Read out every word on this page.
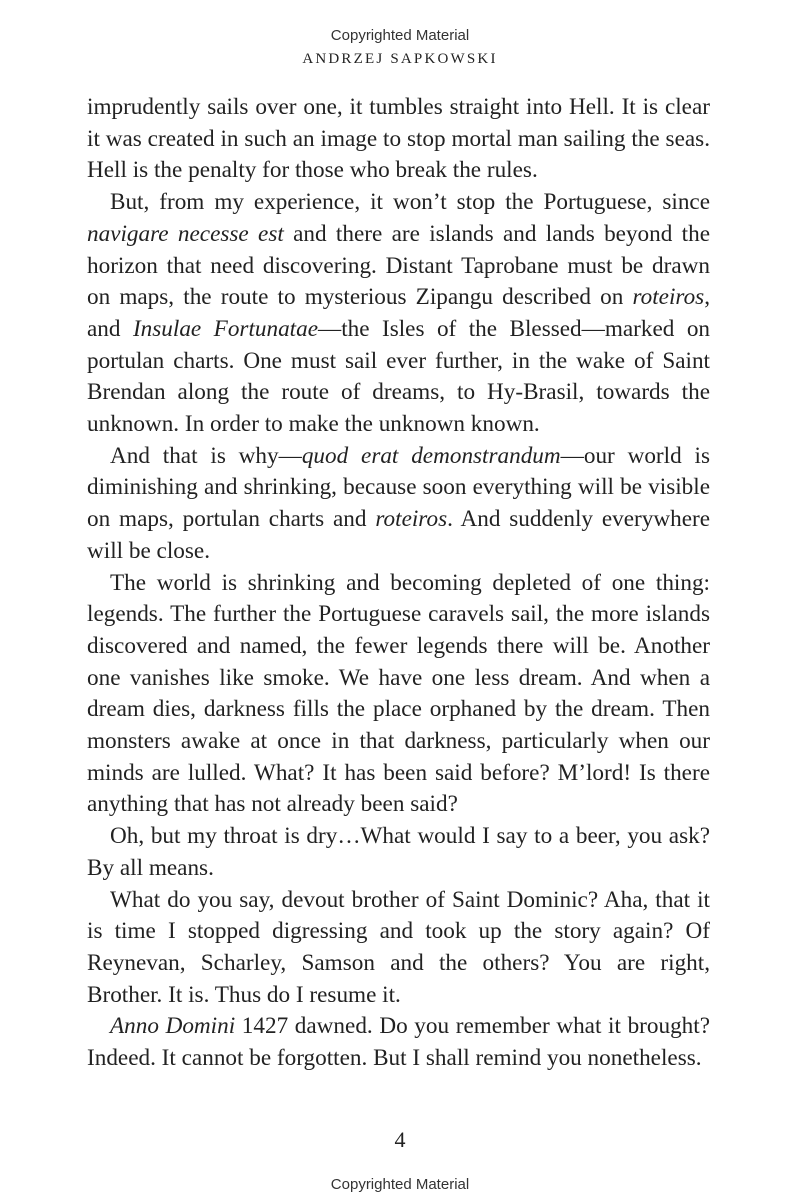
Copyrighted Material
ANDRZEJ SAPKOWSKI

imprudently sails over one, it tumbles straight into Hell. It is clear it was created in such an image to stop mortal man sailing the seas. Hell is the penalty for those who break the rules.

But, from my experience, it won’t stop the Portuguese, since navigare necesse est and there are islands and lands beyond the horizon that need discovering. Distant Taprobane must be drawn on maps, the route to mysterious Zipangu described on roteiros, and Insulae Fortunatae—the Isles of the Blessed—marked on portulan charts. One must sail ever further, in the wake of Saint Brendan along the route of dreams, to Hy-Brasil, towards the unknown. In order to make the unknown known.

And that is why—quod erat demonstrandum—our world is diminishing and shrinking, because soon everything will be visible on maps, portulan charts and roteiros. And suddenly everywhere will be close.

The world is shrinking and becoming depleted of one thing: legends. The further the Portuguese caravels sail, the more islands discovered and named, the fewer legends there will be. Another one vanishes like smoke. We have one less dream. And when a dream dies, darkness fills the place orphaned by the dream. Then monsters awake at once in that darkness, particularly when our minds are lulled. What? It has been said before? M’lord! Is there anything that has not already been said?

Oh, but my throat is dry…What would I say to a beer, you ask? By all means.

What do you say, devout brother of Saint Dominic? Aha, that it is time I stopped digressing and took up the story again? Of Reynevan, Scharley, Samson and the others? You are right, Brother. It is. Thus do I resume it.

Anno Domini 1427 dawned. Do you remember what it brought? Indeed. It cannot be forgotten. But I shall remind you nonetheless.

4
Copyrighted Material
